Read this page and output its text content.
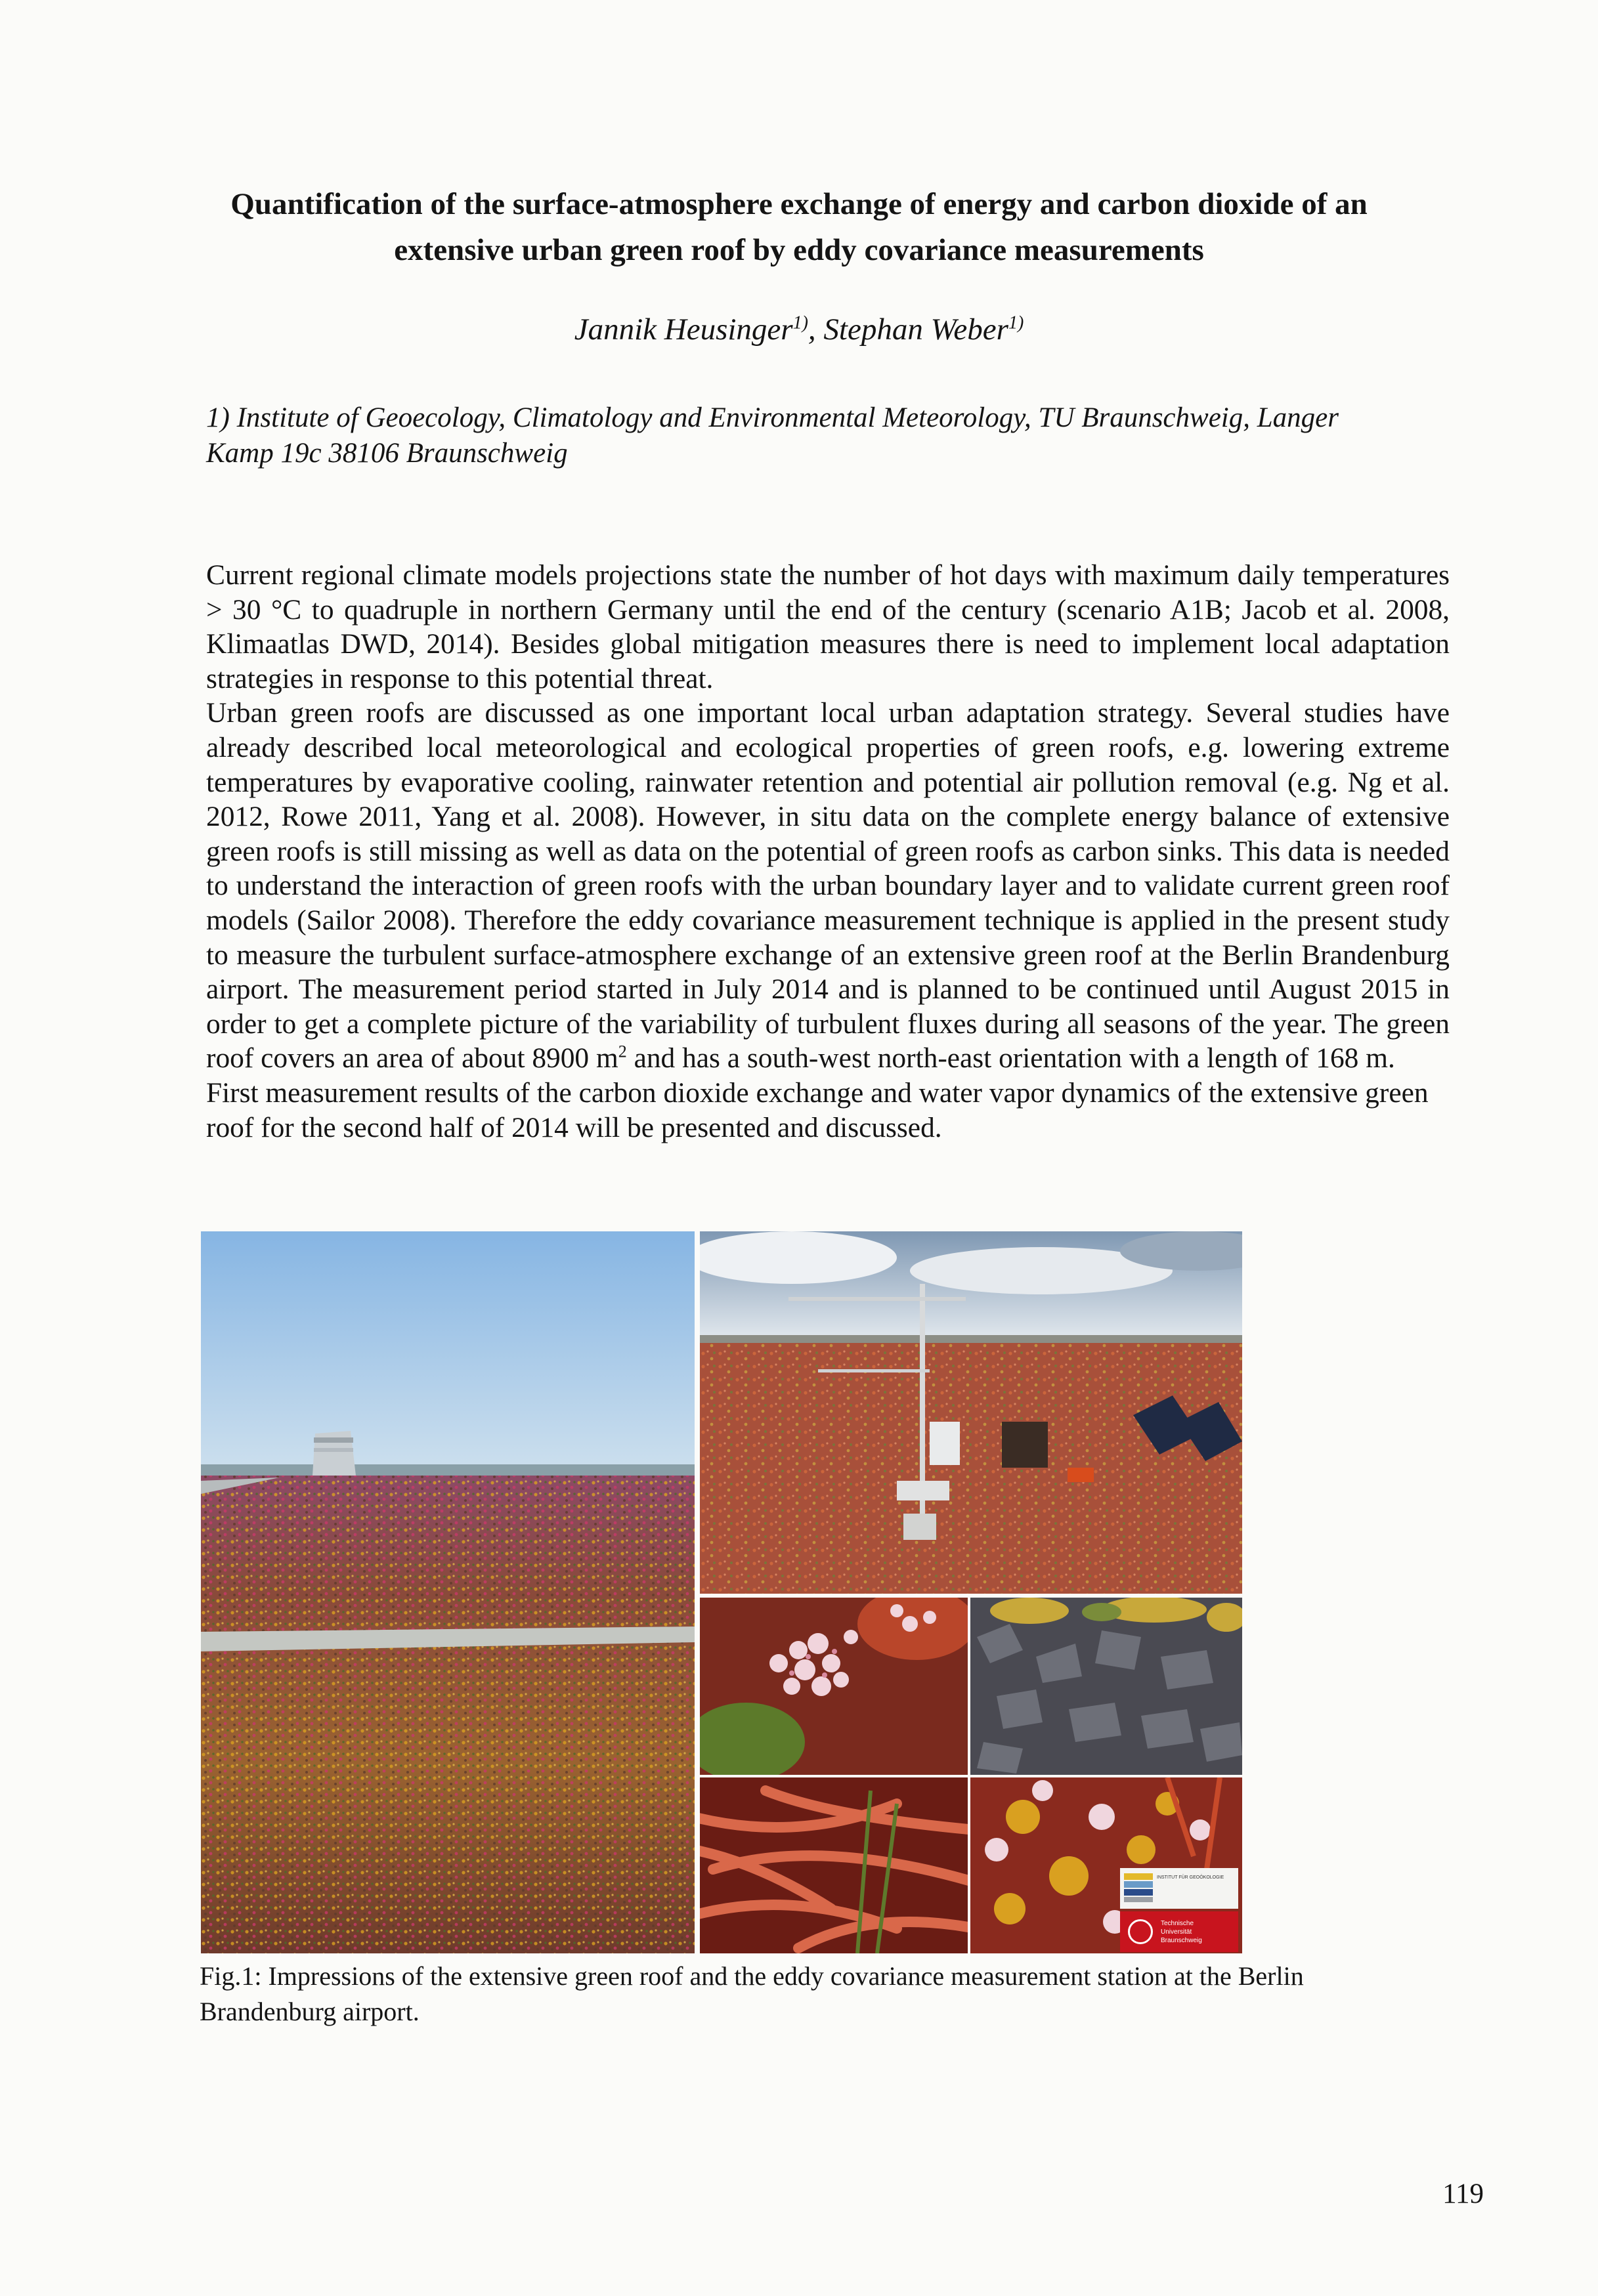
Quantification of the surface-atmosphere exchange of energy and carbon dioxide of an
extensive urban green roof by eddy covariance measurements
Jannik Heusinger$^{1)}$, Stephan Weber$^{1)}$
1) Institute of Geoecology, Climatology and Environmental Meteorology, TU Braunschweig, Langer
Kamp 19c 38106 Braunschweig

Current regional climate models projections state the number of hot days with maximum daily temperatures > 30 °C to quadruple in northern Germany until the end of the century (scenario A1B; Jacob et al. 2008, Klimaatlas DWD, 2014). Besides global mitigation measures there is need to implement local adaptation strategies in response to this potential threat.

Urban green roofs are discussed as one important local urban adaptation strategy. Several studies have already described local meteorological and ecological properties of green roofs, e.g. lowering extreme temperatures by evaporative cooling, rainwater retention and potential air pollution removal (e.g. Ng et al. 2012, Rowe 2011, Yang et al. 2008). However, in situ data on the complete energy balance of extensive green roofs is still missing as well as data on the potential of green roofs as carbon sinks. This data is needed to understand the interaction of green roofs with the urban boundary layer and to validate current green roof models (Sailor 2008). Therefore the eddy covariance measurement technique is applied in the present study to measure the turbulent surface-atmosphere exchange of an extensive green roof at the Berlin Brandenburg airport. The measurement period started in July 2014 and is planned to be continued until August 2015 in order to get a complete picture of the variability of turbulent fluxes during all seasons of the year. The green roof covers an area of about 8900 $m^2$ and has a south-west north-east orientation with a length of 168 m.

First measurement results of the carbon dioxide exchange and water vapor dynamics of the extensive green roof for the second half of 2014 will be presented and discussed.

INSTITUT FÜR GEOÖKOLOGIE
Technische
Universität
Braunschweig
Fig.1: Impressions of the extensive green roof and the eddy covariance measurement station at the Berlin
Brandenburg airport.
119
